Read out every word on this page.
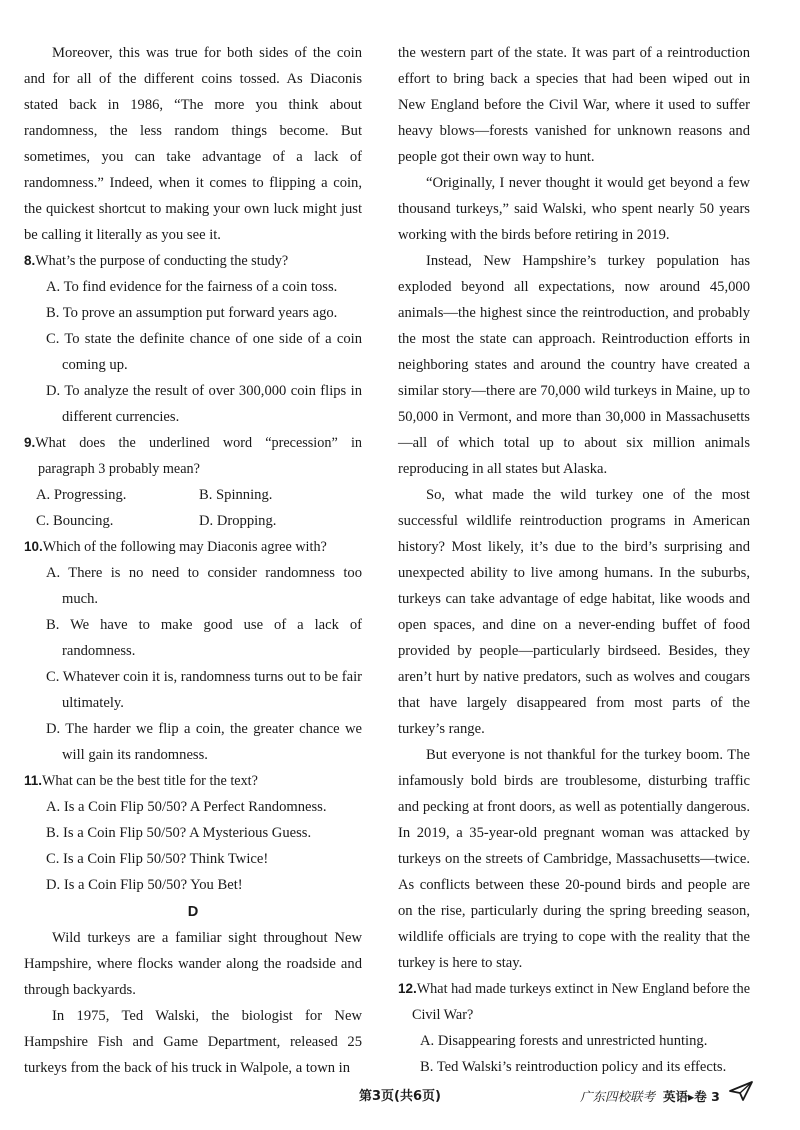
Moreover, this was true for both sides of the coin and for all of the different coins tossed. As Diaconis stated back in 1986, “The more you think about randomness, the less random things become. But sometimes, you can take advantage of a lack of randomness.” Indeed, when it comes to flipping a coin, the quickest shortcut to making your own luck might just be calling it literally as you see it.

8.What’s the purpose of conducting the study?

A. To find evidence for the fairness of a coin toss.

B. To prove an assumption put forward years ago.

C. To state the definite chance of one side of a coin coming up.

D. To analyze the result of over 300,000 coin flips in different currencies.

9.What does the underlined word “precession” in paragraph 3 probably mean?

A. Progressing.	B. Spinning.
C. Bouncing.	D. Dropping.

10.Which of the following may Diaconis agree with?

A. There is no need to consider randomness too much.

B. We have to make good use of a lack of randomness.

C. Whatever coin it is, randomness turns out to be fair ultimately.

D. The harder we flip a coin, the greater chance we will gain its randomness.

11.What can be the best title for the text?

A. Is a Coin Flip 50/50? A Perfect Randomness.

B. Is a Coin Flip 50/50? A Mysterious Guess.

C. Is a Coin Flip 50/50? Think Twice!

D. Is a Coin Flip 50/50? You Bet!

D

Wild turkeys are a familiar sight throughout New Hampshire, where flocks wander along the roadside and through backyards.

In 1975, Ted Walski, the biologist for New Hampshire Fish and Game Department, released 25 turkeys from the back of his truck in Walpole, a town in

the western part of the state. It was part of a reintroduction effort to bring back a species that had been wiped out in New England before the Civil War, where it used to suffer heavy blows—forests vanished for unknown reasons and people got their own way to hunt.

“Originally, I never thought it would get beyond a few thousand turkeys,” said Walski, who spent nearly 50 years working with the birds before retiring in 2019.

Instead, New Hampshire’s turkey population has exploded beyond all expectations, now around 45,000 animals—the highest since the reintroduction, and probably the most the state can approach. Reintroduction efforts in neighboring states and around the country have created a similar story—there are 70,000 wild turkeys in Maine, up to 50,000 in Vermont, and more than 30,000 in Massachusetts—all of which total up to about six million animals reproducing in all states but Alaska.

So, what made the wild turkey one of the most successful wildlife reintroduction programs in American history? Most likely, it’s due to the bird’s surprising and unexpected ability to live among humans. In the suburbs, turkeys can take advantage of edge habitat, like woods and open spaces, and dine on a never-ending buffet of food provided by people—particularly birdseed. Besides, they aren’t hurt by native predators, such as wolves and cougars that have largely disappeared from most parts of the turkey’s range.

But everyone is not thankful for the turkey boom. The infamously bold birds are troublesome, disturbing traffic and pecking at front doors, as well as potentially dangerous. In 2019, a 35-year-old pregnant woman was attacked by turkeys on the streets of Cambridge, Massachusetts—twice. As conflicts between these 20-pound birds and people are on the rise, particularly during the spring breeding season, wildlife officials are trying to cope with the reality that the turkey is here to stay.

12.What had made turkeys extinct in New England before the Civil War?

A. Disappearing forests and unrestricted hunting.

B. Ted Walski’s reintroduction policy and its effects.

第3页(共6页)	广东四校联考 英语▸卷 3
